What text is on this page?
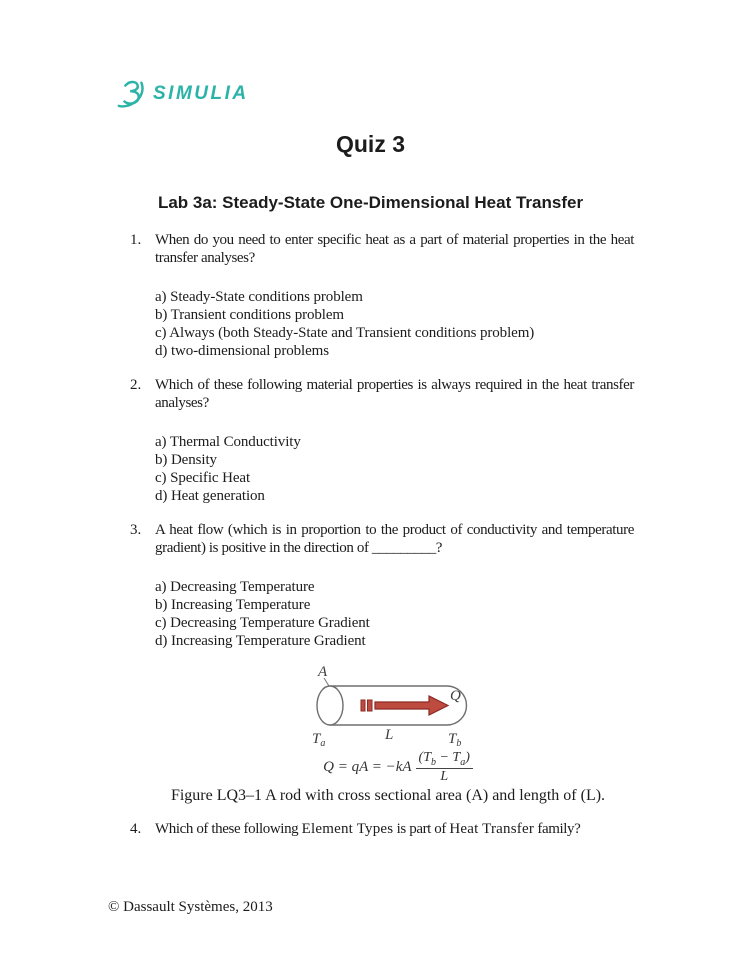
SIMULIA
Quiz 3
Lab 3a: Steady-State One-Dimensional Heat Transfer
1. When do you need to enter specific heat as a part of material properties in the heat transfer analyses?

a) Steady-State conditions problem
b) Transient conditions problem
c) Always (both Steady-State and Transient conditions problem)
d) two-dimensional problems
2. Which of these following material properties is always required in the heat transfer analyses?

a) Thermal Conductivity
b) Density
c) Specific Heat
d) Heat generation
3. A heat flow (which is in proportion to the product of conductivity and temperature gradient) is positive in the direction of _________?

a) Decreasing Temperature
b) Increasing Temperature
c) Decreasing Temperature Gradient
d) Increasing Temperature Gradient
A
Q
$T_a$
L	$T_b$
Q = qA = $-kA \frac{(T_b - T_a)}{L}$
Figure LQ3–1 A rod with cross sectional area (A) and length of (L).
4. Which of these following Element Types is part of Heat Transfer family?

© Dassault Systèmes, 2013
